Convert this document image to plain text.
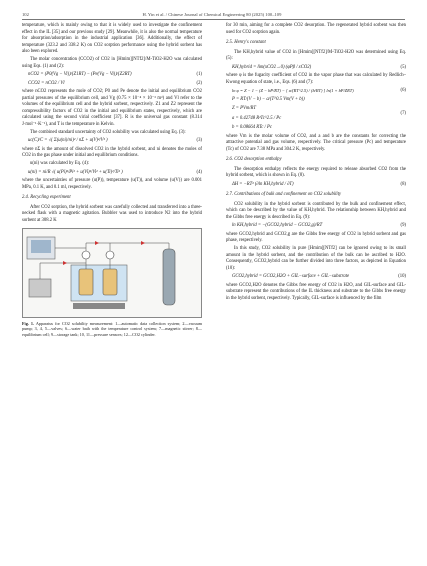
102	H. Yin et al. / Chinese Journal of Chemical Engineering 80 (2025) 100–109

temperature, which is mainly owing to that it is widely used to investigate the confinement effect in the IL [35] and our previous study [29]. Meanwhile, it is also the normal temperature for absorption/adsorption in the industrial application [36]. Additionally, the effect of temperature (323.2 and 338.2 K) on CO2 sorption performance using the hybrid sorbent has also been explored.

The molar concentration (CCO2) of CO2 in [Hmim][NTf2]/M-TiO2-H2O was calculated using Eqs. (1) and (2):

nCO2 = (P0(Vg − Vi))/(Z1RT) − (Pe(Vg − Vi))/(Z2RT)	(1)
CCO2 = nCO2 / Vl	(2)

where nCO2 represents the mole of CO2; P0 and Pe denote the initial and equilibrium CO2 partial pressures of the equilibrium cell, and Vg (0.75 × 10⁻⁴ × 10⁻³ m³) and Vl refer to the volumes of the equilibrium cell and the hybrid sorbent, respectively. Z1 and Z2 represent the compressibility factors of CO2 in the initial and equilibrium states, respectively, which are calculated using the second virial coefficient [37]. R is the universal gas constant (8.314 J·mol⁻¹·K⁻¹), and T is the temperature in Kelvin.

The combined standard uncertainty of CO2 solubility was calculated using Eq. (3):

uc(C)/C = √( Σ(u(ni)/ni)² / nΣ + u(V)²/V² )	(3)

where nΣ is the amount of dissolved CO2 in the hybrid sorbent, and ni denotes the moles of CO2 in the gas phase under initial and equilibrium conditions.

u(ni) was calculated by Eq. (4):

u(ni) = ni/R √( u(Pi)²/Pi² + u(Vi)²/Vi² + u(Ti)²/Ti² )	(4)

where the uncertainties of pressure (u(P)), temperature (u(T)), and volume (u(V)) are 0.001 MPa, 0.1 K, and 0.1 ml, respectively.

2.4. Recycling experiment

After CO2 sorption, the hybrid sorbent was carefully collected and transferred into a three-necked flask with a magnetic agitation. Bubbler was used to introduce N2 into the hybrid sorbent at 308.2 K

Fig. 1. Apparatus for CO2 solubility measurement: 1—automatic data collection system; 2—vacuum pump; 3, 4, 5—valves; 6—water bath with the temperature control system; 7—magnetic stirrer; 8—equilibrium cell; 9—storage tank; 10, 11—pressure sensors; 12—CO2 cylinder.

for 30 min, aiming for a complete CO2 desorption. The regenerated hybrid sorbent was then used for CO2 sorption again.

2.5. Henry's constant

The KH,hybrid value of CO2 in [Hmim][NTf2]/M-TiO2-H2O was determined using Eq. (5):

KH,hybrid = lim(xCO2→0) (φPβ / xCO2)	(5)

where φ is the fugacity coefficient of CO2 in the vapor phase that was calculated by Redlich–Kwong equation of state, i.e., Eqs. (6) and (7):

ln φ = Z − 1 − (Z − bP/RT) − [ a/(RT^2.5) / (b/RT) ] ln(1 + bP/ZRT)	(6)
P = RT/(V − b) − a/(T^0.5 Vm(V + b))
Z = PVm/RT
a = 0.42748 R²Tc^2.5 / Pc
b = 0.08664 RTc / Pc
(7)

where Vm is the molar volume of CO2, and a and b are the constants for correcting the attractive potential and gas volume, respectively. The critical pressure (Pc) and temperature (Tc) of CO2 are 7.38 MPa and 304.2 K, respectively.

2.6. CO2 desorption enthalpy

The desorption enthalpy reflects the energy required to release absorbed CO2 from the hybrid sorbent, which is shown in Eq. (8).

ΔH = −RT² (∂ln KH,hybrid / ∂T)	(8)
2.7. Contributions of bulk and confinement on CO2 solubility

CO2 solubility in the hybrid sorbent is contributed by the bulk and confinement effect, which can be described by the value of KH,hybrid. The relationship between KH,hybrid and the Gibbs free energy is described in Eq. (9):

ln KH,hybrid = −(GCO2,hybrid − GCO2,g)/RT	(9)

where GCO2,hybrid and GCO2,g are the Gibbs free energy of CO2 in hybrid sorbent and gas phase, respectively.

In this study, CO2 solubility in pure [Hmim][NTf2] can be ignored owing to its small amount in the hybrid sorbent, and the contribution of the bulk can be ascribed to H2O. Consequently, GCO2,hybrid can be further divided into three factors, as depicted in Equation (10):

GCO2,hybrid = GCO2,H2O + GIL−surface + GIL−substrate	(10)

where GCO2,H2O denotes the Gibbs free energy of CO2 in H2O, and GIL-surface and GIL-substrate represent the contributions of the IL thickness and substrate to the Gibbs free energy in the hybrid sorbent, respectively. Typically, GIL-surface is influenced by the film
